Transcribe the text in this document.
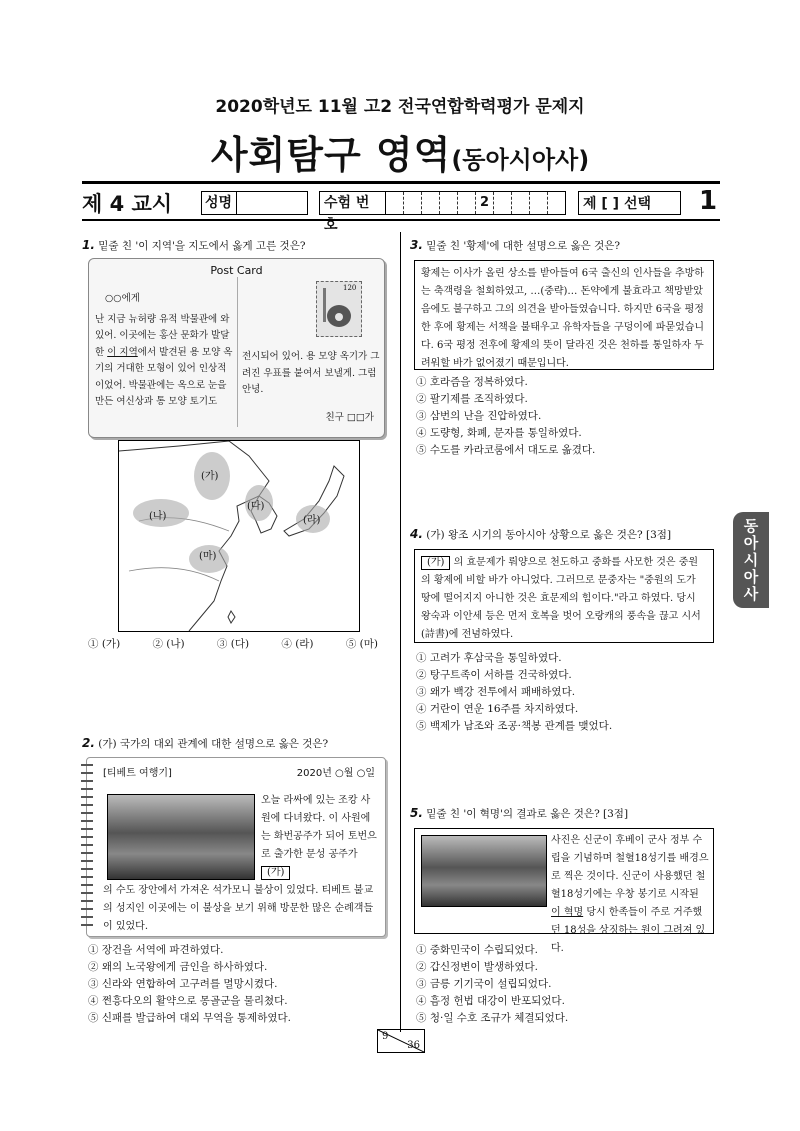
2020학년도 11월 고2 전국연합학력평가 문제지
사회탐구 영역(동아시아사)
제 4 교시 성명	수험 번호
2	제 [ ] 선택	1
동
아
시
아
사
1. 밑줄 친 '이 지역'을 지도에서 옳게 고른 것은?
Post Card
○○에게
난 지금 뉴허량 유적 박물관에 와 있어. 이곳에는 홍산 문화가 발달한 이 지역에서 발견된 용 모양 옥기의 거대한 모형이 있어 인상적이었어. 박물관에는 옥으로 눈을 만든 여신상과 통 모양 토기도
120
전시되어 있어. 용 모양 옥기가 그려진 우표를 붙여서 보낼게. 그럼 안녕.
친구 □□가
(가)
(나)
(다)
(라)
(마)
① (가)	② (나)	③ (다)	④ (라)	⑤ (마)
2. (가) 국가의 대외 관계에 대한 설명으로 옳은 것은?
[티베트 여행기]	2020년 ○월 ○일
오늘 라싸에 있는 조캉 사원에 다녀왔다. 이 사원에는 화번공주가 되어 토번으로 출가한 문성 공주가 (가)
의 수도 장안에서 가져온 석가모니 불상이 있었다. 티베트 불교의 성지인 이곳에는 이 불상을 보기 위해 방문한 많은 순례객들이 있었다.
① 장건을 서역에 파견하였다.
② 왜의 노국왕에게 금인을 하사하였다.
③ 신라와 연합하여 고구려를 멸망시켰다.
④ 쩐흥다오의 활약으로 몽골군을 물리쳤다.
⑤ 신패를 발급하여 대외 무역을 통제하였다.
3. 밑줄 친 '황제'에 대한 설명으로 옳은 것은?
황제는 이사가 올린 상소를 받아들여 6국 출신의 인사들을 추방하는 축객령을 철회하였고, …(중략)… 돈약에게 불효라고 책망받았음에도 불구하고 그의 의견을 받아들였습니다. 하지만 6국을 평정한 후에 황제는 서책을 불태우고 유학자들을 구덩이에 파묻었습니다. 6국 평정 전후에 황제의 뜻이 달라진 것은 천하를 통일하자 두려워할 바가 없어졌기 때문입니다.
① 호라즘을 정복하였다.
② 팔기제를 조직하였다.
③ 삼번의 난을 진압하였다.
④ 도량형, 화폐, 문자를 통일하였다.
⑤ 수도를 카라코룸에서 대도로 옮겼다.
4. (가) 왕조 시기의 동아시아 상황으로 옳은 것은? [3점]
(가) 의 효문제가 뤄양으로 천도하고 중화를 사모한 것은 중원의 황제에 비할 바가 아니었다. 그러므로 문중자는 "중원의 도가 땅에 떨어지지 아니한 것은 효문제의 힘이다."라고 하였다. 당시 왕숙과 이안세 등은 먼저 호복을 벗어 오랑캐의 풍속을 끊고 시서(詩書)에 전념하였다.
① 고려가 후삼국을 통일하였다.
② 탕구트족이 서하를 건국하였다.
③ 왜가 백강 전투에서 패배하였다.
④ 거란이 연운 16주를 차지하였다.
⑤ 백제가 남조와 조공·책봉 관계를 맺었다.
5. 밑줄 친 '이 혁명'의 결과로 옳은 것은? [3점]
사진은 신군이 후베이 군사 정부 수립을 기념하며 철혈18성기를 배경으로 찍은 것이다. 신군이 사용했던 철혈18성기에는 우창 봉기로 시작된 이 혁명 당시 한족들이 주로 거주했던 18성을 상징하는 원이 그려져 있다.
① 중화민국이 수립되었다.
② 갑신정변이 발생하였다.
③ 금릉 기기국이 설립되었다.
④ 흠정 헌법 대강이 반포되었다.
⑤ 청·일 수호 조규가 체결되었다.
9
36
